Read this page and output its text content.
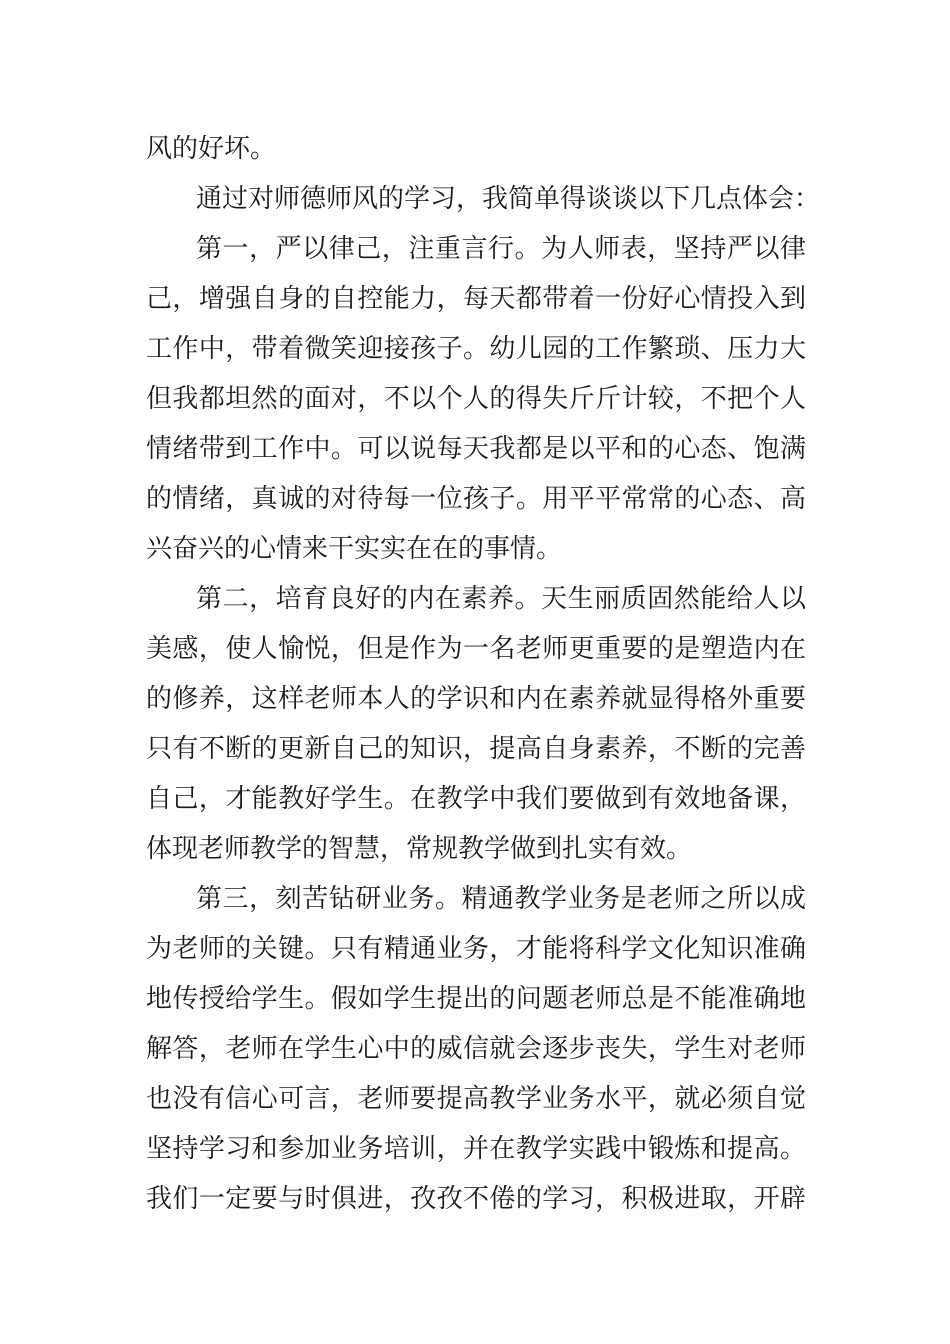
风的好坏。
通过对师德师风的学习，我简单得谈谈以下几点体会：
第一，严以律己，注重言行。为人师表，坚持严以律
己，增强自身的自控能力，每天都带着一份好心情投入到
工作中，带着微笑迎接孩子。幼儿园的工作繁琐、压力大
但我都坦然的面对，不以个人的得失斤斤计较，不把个人
情绪带到工作中。可以说每天我都是以平和的心态、饱满
的情绪，真诚的对待每一位孩子。用平平常常的心态、高
兴奋兴的心情来干实实在在的事情。
第二，培育良好的内在素养。天生丽质固然能给人以
美感，使人愉悦，但是作为一名老师更重要的是塑造内在
的修养，这样老师本人的学识和内在素养就显得格外重要
只有不断的更新自己的知识，提高自身素养，不断的完善
自己，才能教好学生。在教学中我们要做到有效地备课，
体现老师教学的智慧，常规教学做到扎实有效。
第三，刻苦钻研业务。精通教学业务是老师之所以成
为老师的关键。只有精通业务，才能将科学文化知识准确
地传授给学生。假如学生提出的问题老师总是不能准确地
解答，老师在学生心中的威信就会逐步丧失，学生对老师
也没有信心可言，老师要提高教学业务水平，就必须自觉
坚持学习和参加业务培训，并在教学实践中锻炼和提高。
我们一定要与时俱进，孜孜不倦的学习，积极进取，开辟
